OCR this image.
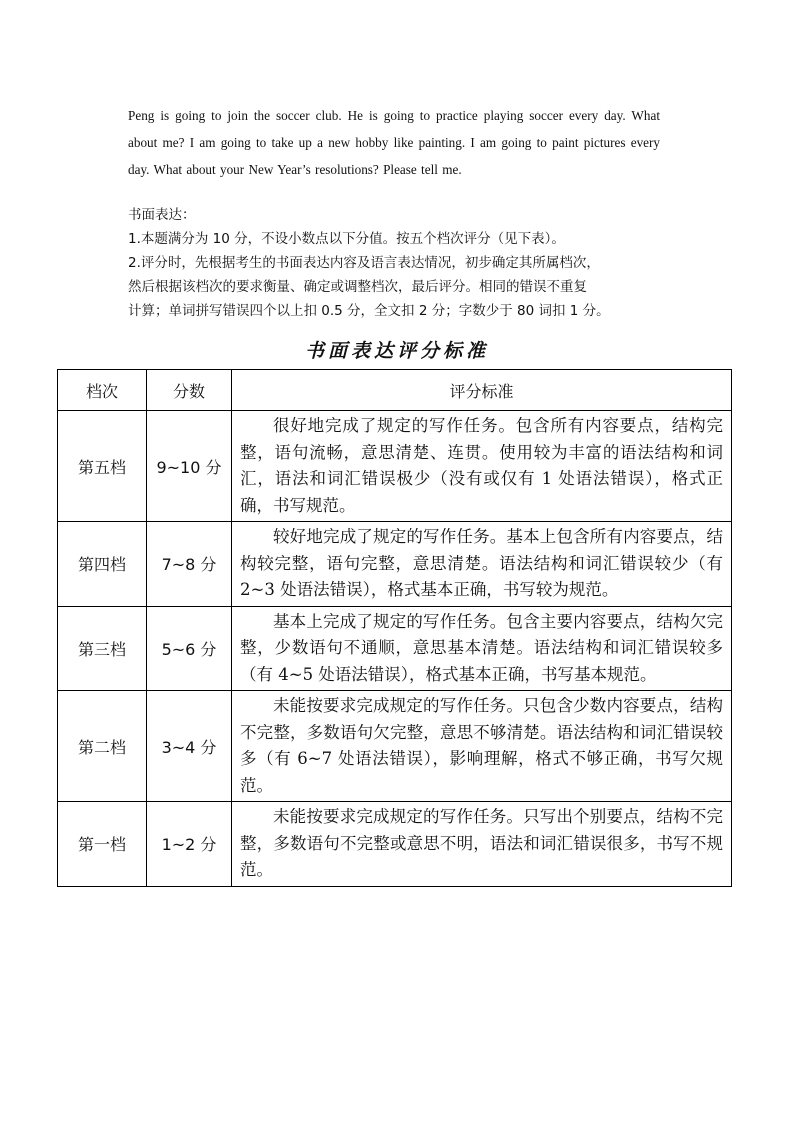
Peng is going to join the soccer club. He is going to practice playing soccer every day. What about me? I am going to take up a new hobby like painting. I am going to paint pictures every day. What about your New Year’s resolutions? Please tell me.
书面表达：
1.本题满分为 10 分，不设小数点以下分值。按五个档次评分（见下表）。
2.评分时，先根据考生的书面表达内容及语言表达情况，初步确定其所属档次，
然后根据该档次的要求衡量、确定或调整档次，最后评分。相同的错误不重复
计算；单词拼写错误四个以上扣 0.5 分，全文扣 2 分；字数少于 80 词扣 1 分。
书面表达评分标准
档次	分数	评分标准
第五档	9~10 分	很好地完成了规定的写作任务。包含所有内容要点，结构完整，语句流畅，意思清楚、连贯。使用较为丰富的语法结构和词汇，语法和词汇错误极少（没有或仅有 1 处语法错误），格式正确，书写规范。
第四档	7~8 分	较好地完成了规定的写作任务。基本上包含所有内容要点，结构较完整，语句完整，意思清楚。语法结构和词汇错误较少（有 2~3 处语法错误），格式基本正确，书写较为规范。
第三档	5~6 分	基本上完成了规定的写作任务。包含主要内容要点，结构欠完整，少数语句不通顺，意思基本清楚。语法结构和词汇错误较多（有 4~5 处语法错误），格式基本正确，书写基本规范。
第二档	3~4 分	未能按要求完成规定的写作任务。只包含少数内容要点，结构不完整，多数语句欠完整，意思不够清楚。语法结构和词汇错误较多（有 6~7 处语法错误），影响理解，格式不够正确，书写欠规范。
第一档	1~2 分	未能按要求完成规定的写作任务。只写出个别要点，结构不完整，多数语句不完整或意思不明，语法和词汇错误很多，书写不规范。
